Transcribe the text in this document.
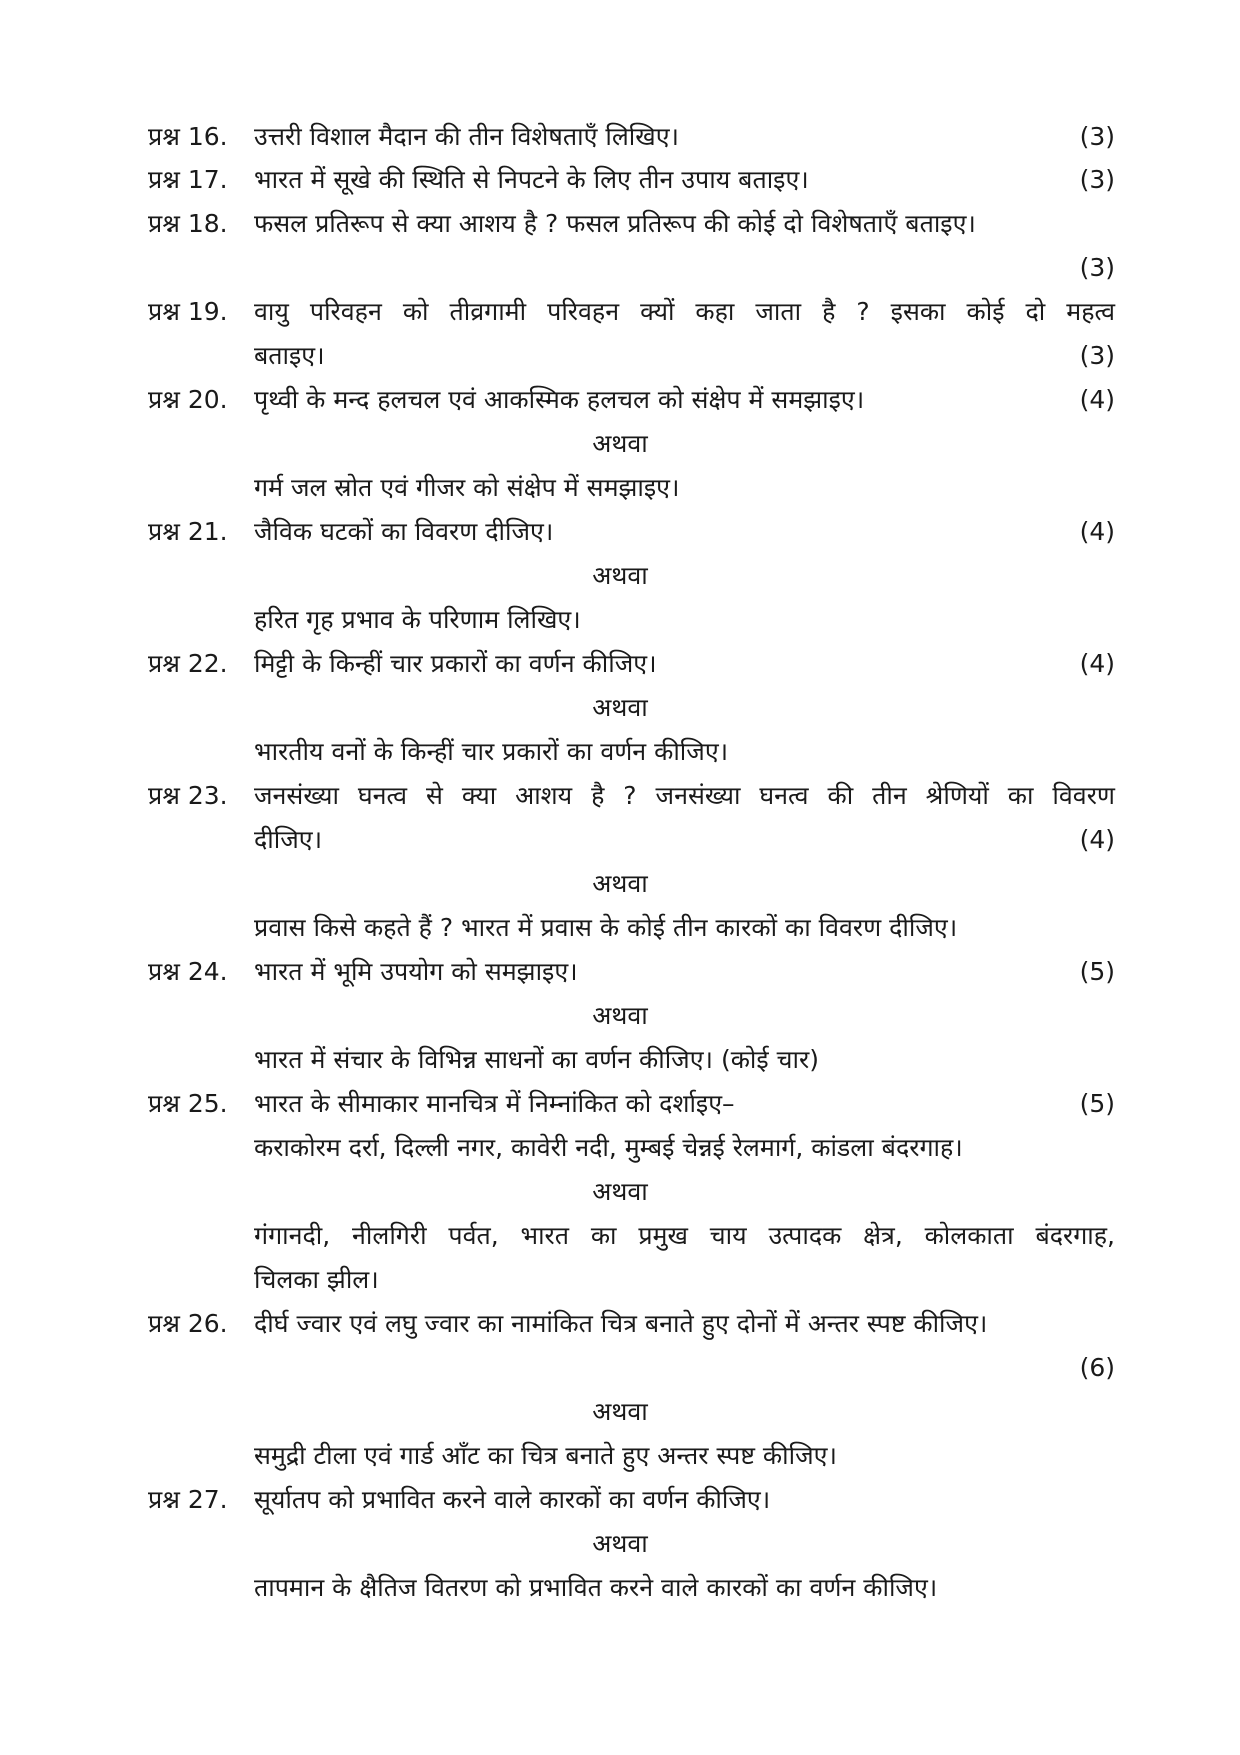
प्रश्न 16.	उत्तरी विशाल मैदान की तीन विशेषताएँ लिखिए।	(3)
प्रश्न 17.	भारत में सूखे की स्थिति से निपटने के लिए तीन उपाय बताइए।	(3)
प्रश्न 18.	फसल प्रतिरूप से क्या आशय है ? फसल प्रतिरूप की कोई दो विशेषताएँ बताइए।
(3)
प्रश्न 19.	वायु परिवहन को तीव्रगामी परिवहन क्यों कहा जाता है ? इसका कोई दो महत्व
बताइए।	(3)
प्रश्न 20.	पृथ्वी के मन्द हलचल एवं आकस्मिक हलचल को संक्षेप में समझाइए।	(4)
अथवा
गर्म जल स्रोत एवं गीजर को संक्षेप में समझाइए।
प्रश्न 21.	जैविक घटकों का विवरण दीजिए।	(4)
अथवा
हरित गृह प्रभाव के परिणाम लिखिए।
प्रश्न 22.	मिट्टी के किन्हीं चार प्रकारों का वर्णन कीजिए।	(4)
अथवा
भारतीय वनों के किन्हीं चार प्रकारों का वर्णन कीजिए।
प्रश्न 23.	जनसंख्या घनत्व से क्या आशय है ? जनसंख्या घनत्व की तीन श्रेणियों का विवरण
दीजिए।	(4)
अथवा
प्रवास किसे कहते हैं ? भारत में प्रवास के कोई तीन कारकों का विवरण दीजिए।
प्रश्न 24.	भारत में भूमि उपयोग को समझाइए।	(5)
अथवा
भारत में संचार के विभिन्न साधनों का वर्णन कीजिए। (कोई चार)
प्रश्न 25.	भारत के सीमाकार मानचित्र में निम्नांकित को दर्शाइए–	(5)
कराकोरम दर्रा, दिल्ली नगर, कावेरी नदी, मुम्बई चेन्नई रेलमार्ग, कांडला बंदरगाह।
अथवा
गंगानदी, नीलगिरी पर्वत, भारत का प्रमुख चाय उत्पादक क्षेत्र, कोलकाता बंदरगाह,
चिलका झील।
प्रश्न 26.	दीर्घ ज्वार एवं लघु ज्वार का नामांकित चित्र बनाते हुए दोनों में अन्तर स्पष्ट कीजिए।
(6)
अथवा
समुद्री टीला एवं गार्ड आँट का चित्र बनाते हुए अन्तर स्पष्ट कीजिए।
प्रश्न 27.	सूर्यातप को प्रभावित करने वाले कारकों का वर्णन कीजिए।
अथवा
तापमान के क्षैतिज वितरण को प्रभावित करने वाले कारकों का वर्णन कीजिए।
